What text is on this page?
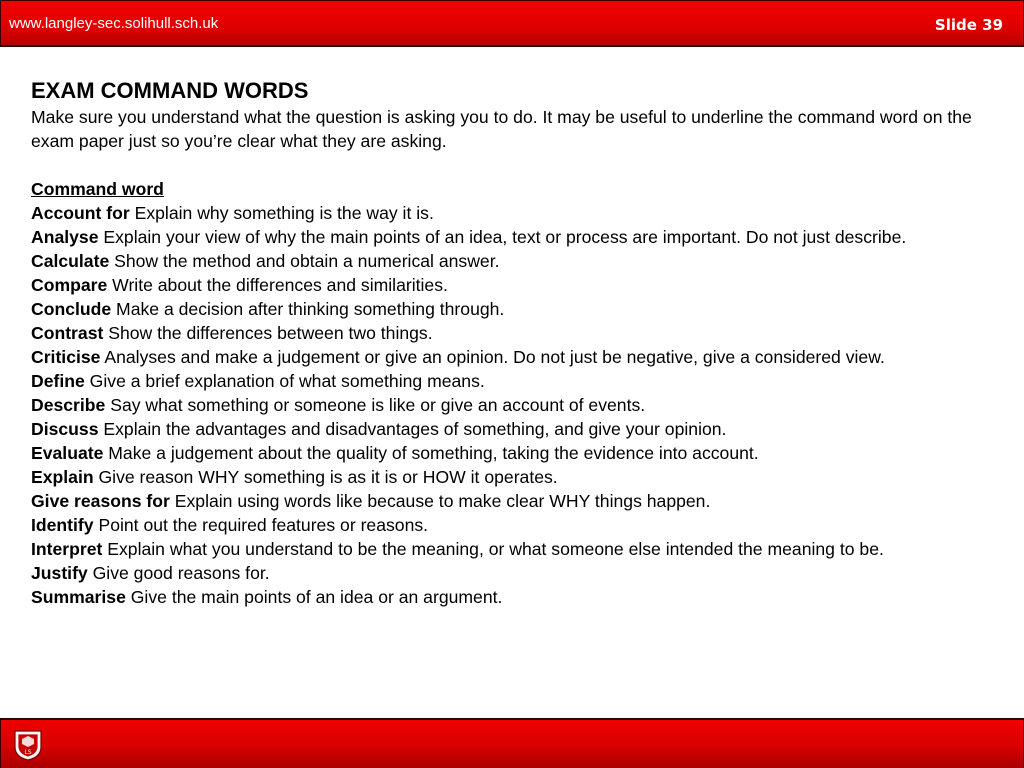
www.langley-sec.solihull.sch.uk	Slide 39

EXAM COMMAND WORDS

Make sure you understand what the question is asking you to do. It may be useful to underline the command word on the exam paper just so you’re clear what they are asking.

Command word

Account for Explain why something is the way it is.

Analyse Explain your view of why the main points of an idea, text or process are important. Do not just describe.

Calculate Show the method and obtain a numerical answer.

Compare Write about the differences and similarities.

Conclude Make a decision after thinking something through.

Contrast Show the differences between two things.

Criticise Analyses and make a judgement or give an opinion. Do not just be negative, give a considered view.

Define Give a brief explanation of what something means.

Describe Say what something or someone is like or give an account of events.

Discuss Explain the advantages and disadvantages of something, and give your opinion.

Evaluate Make a judgement about the quality of something, taking the evidence into account.

Explain Give reason WHY something is as it is or HOW it operates.

Give reasons for Explain using words like because to make clear WHY things happen.

Identify Point out the required features or reasons.

Interpret Explain what you understand to be the meaning, or what someone else intended the meaning to be.

Justify Give good reasons for.

Summarise Give the main points of an idea or an argument.

LS
